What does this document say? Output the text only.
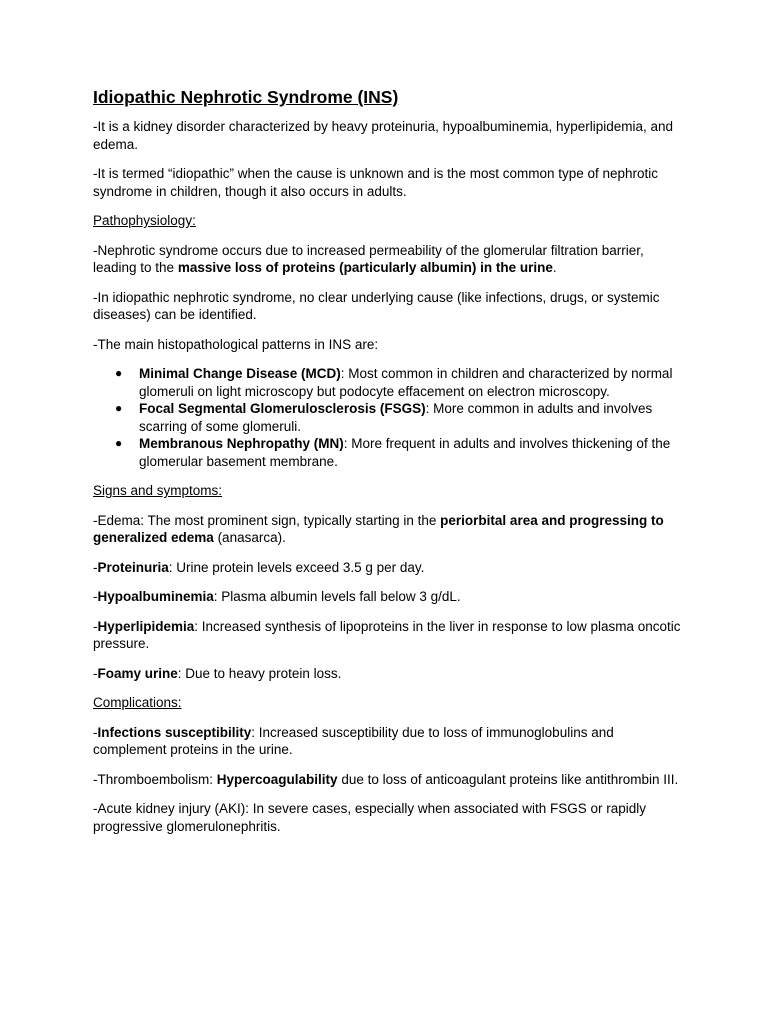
Idiopathic Nephrotic Syndrome (INS)

-It is a kidney disorder characterized by heavy proteinuria, hypoalbuminemia, hyperlipidemia, and edema.

-It is termed “idiopathic” when the cause is unknown and is the most common type of nephrotic syndrome in children, though it also occurs in adults.

Pathophysiology:

-Nephrotic syndrome occurs due to increased permeability of the glomerular filtration barrier, leading to the massive loss of proteins (particularly albumin) in the urine.

-In idiopathic nephrotic syndrome, no clear underlying cause (like infections, drugs, or systemic diseases) can be identified.

-The main histopathological patterns in INS are:

● Minimal Change Disease (MCD): Most common in children and characterized by normal glomeruli on light microscopy but podocyte effacement on electron microscopy.
● Focal Segmental Glomerulosclerosis (FSGS): More common in adults and involves scarring of some glomeruli.
● Membranous Nephropathy (MN): More frequent in adults and involves thickening of the glomerular basement membrane.
Signs and symptoms:

-Edema: The most prominent sign, typically starting in the periorbital area and progressing to generalized edema (anasarca).

-Proteinuria: Urine protein levels exceed 3.5 g per day.

-Hypoalbuminemia: Plasma albumin levels fall below 3 g/dL.

-Hyperlipidemia: Increased synthesis of lipoproteins in the liver in response to low plasma oncotic pressure.

-Foamy urine: Due to heavy protein loss.

Complications:

-Infections susceptibility: Increased susceptibility due to loss of immunoglobulins and complement proteins in the urine.

-Thromboembolism: Hypercoagulability due to loss of anticoagulant proteins like antithrombin III.

-Acute kidney injury (AKI): In severe cases, especially when associated with FSGS or rapidly progressive glomerulonephritis.
